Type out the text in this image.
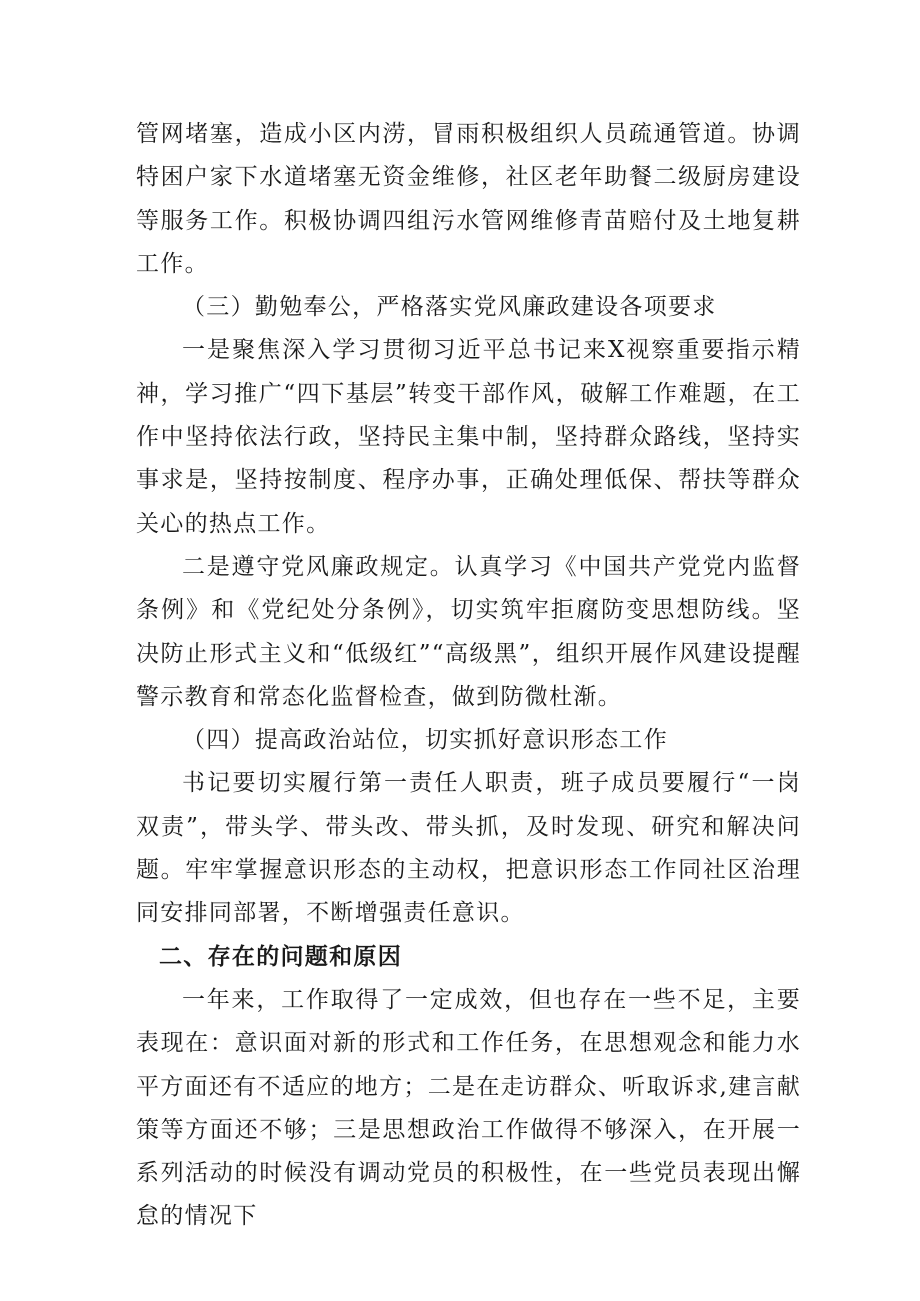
管网堵塞，造成小区内涝，冒雨积极组织人员疏通管道。协调特困户家下水道堵塞无资金维修，社区老年助餐二级厨房建设等服务工作。积极协调四组污水管网维修青苗赔付及土地复耕工作。

（三）勤勉奉公，严格落实党风廉政建设各项要求

一是聚焦深入学习贯彻习近平总书记来X视察重要指示精神，学习推广“四下基层”转变干部作风，破解工作难题，在工作中坚持依法行政，坚持民主集中制，坚持群众路线，坚持实事求是，坚持按制度、程序办事，正确处理低保、帮扶等群众关心的热点工作。

二是遵守党风廉政规定。认真学习《中国共产党党内监督条例》和《党纪处分条例》，切实筑牢拒腐防变思想防线。坚决防止形式主义和“低级红”“高级黑”，组织开展作风建设提醒警示教育和常态化监督检查，做到防微杜渐。

（四）提高政治站位，切实抓好意识形态工作

书记要切实履行第一责任人职责，班子成员要履行“一岗双责”，带头学、带头改、带头抓，及时发现、研究和解决问题。牢牢掌握意识形态的主动权，把意识形态工作同社区治理同安排同部署，不断增强责任意识。

二、存在的问题和原因

一年来，工作取得了一定成效，但也存在一些不足，主要表现在：意识面对新的形式和工作任务，在思想观念和能力水平方面还有不适应的地方；二是在走访群众、听取诉求,建言献策等方面还不够；三是思想政治工作做得不够深入，在开展一系列活动的时候没有调动党员的积极性，在一些党员表现出懈怠的情况下
